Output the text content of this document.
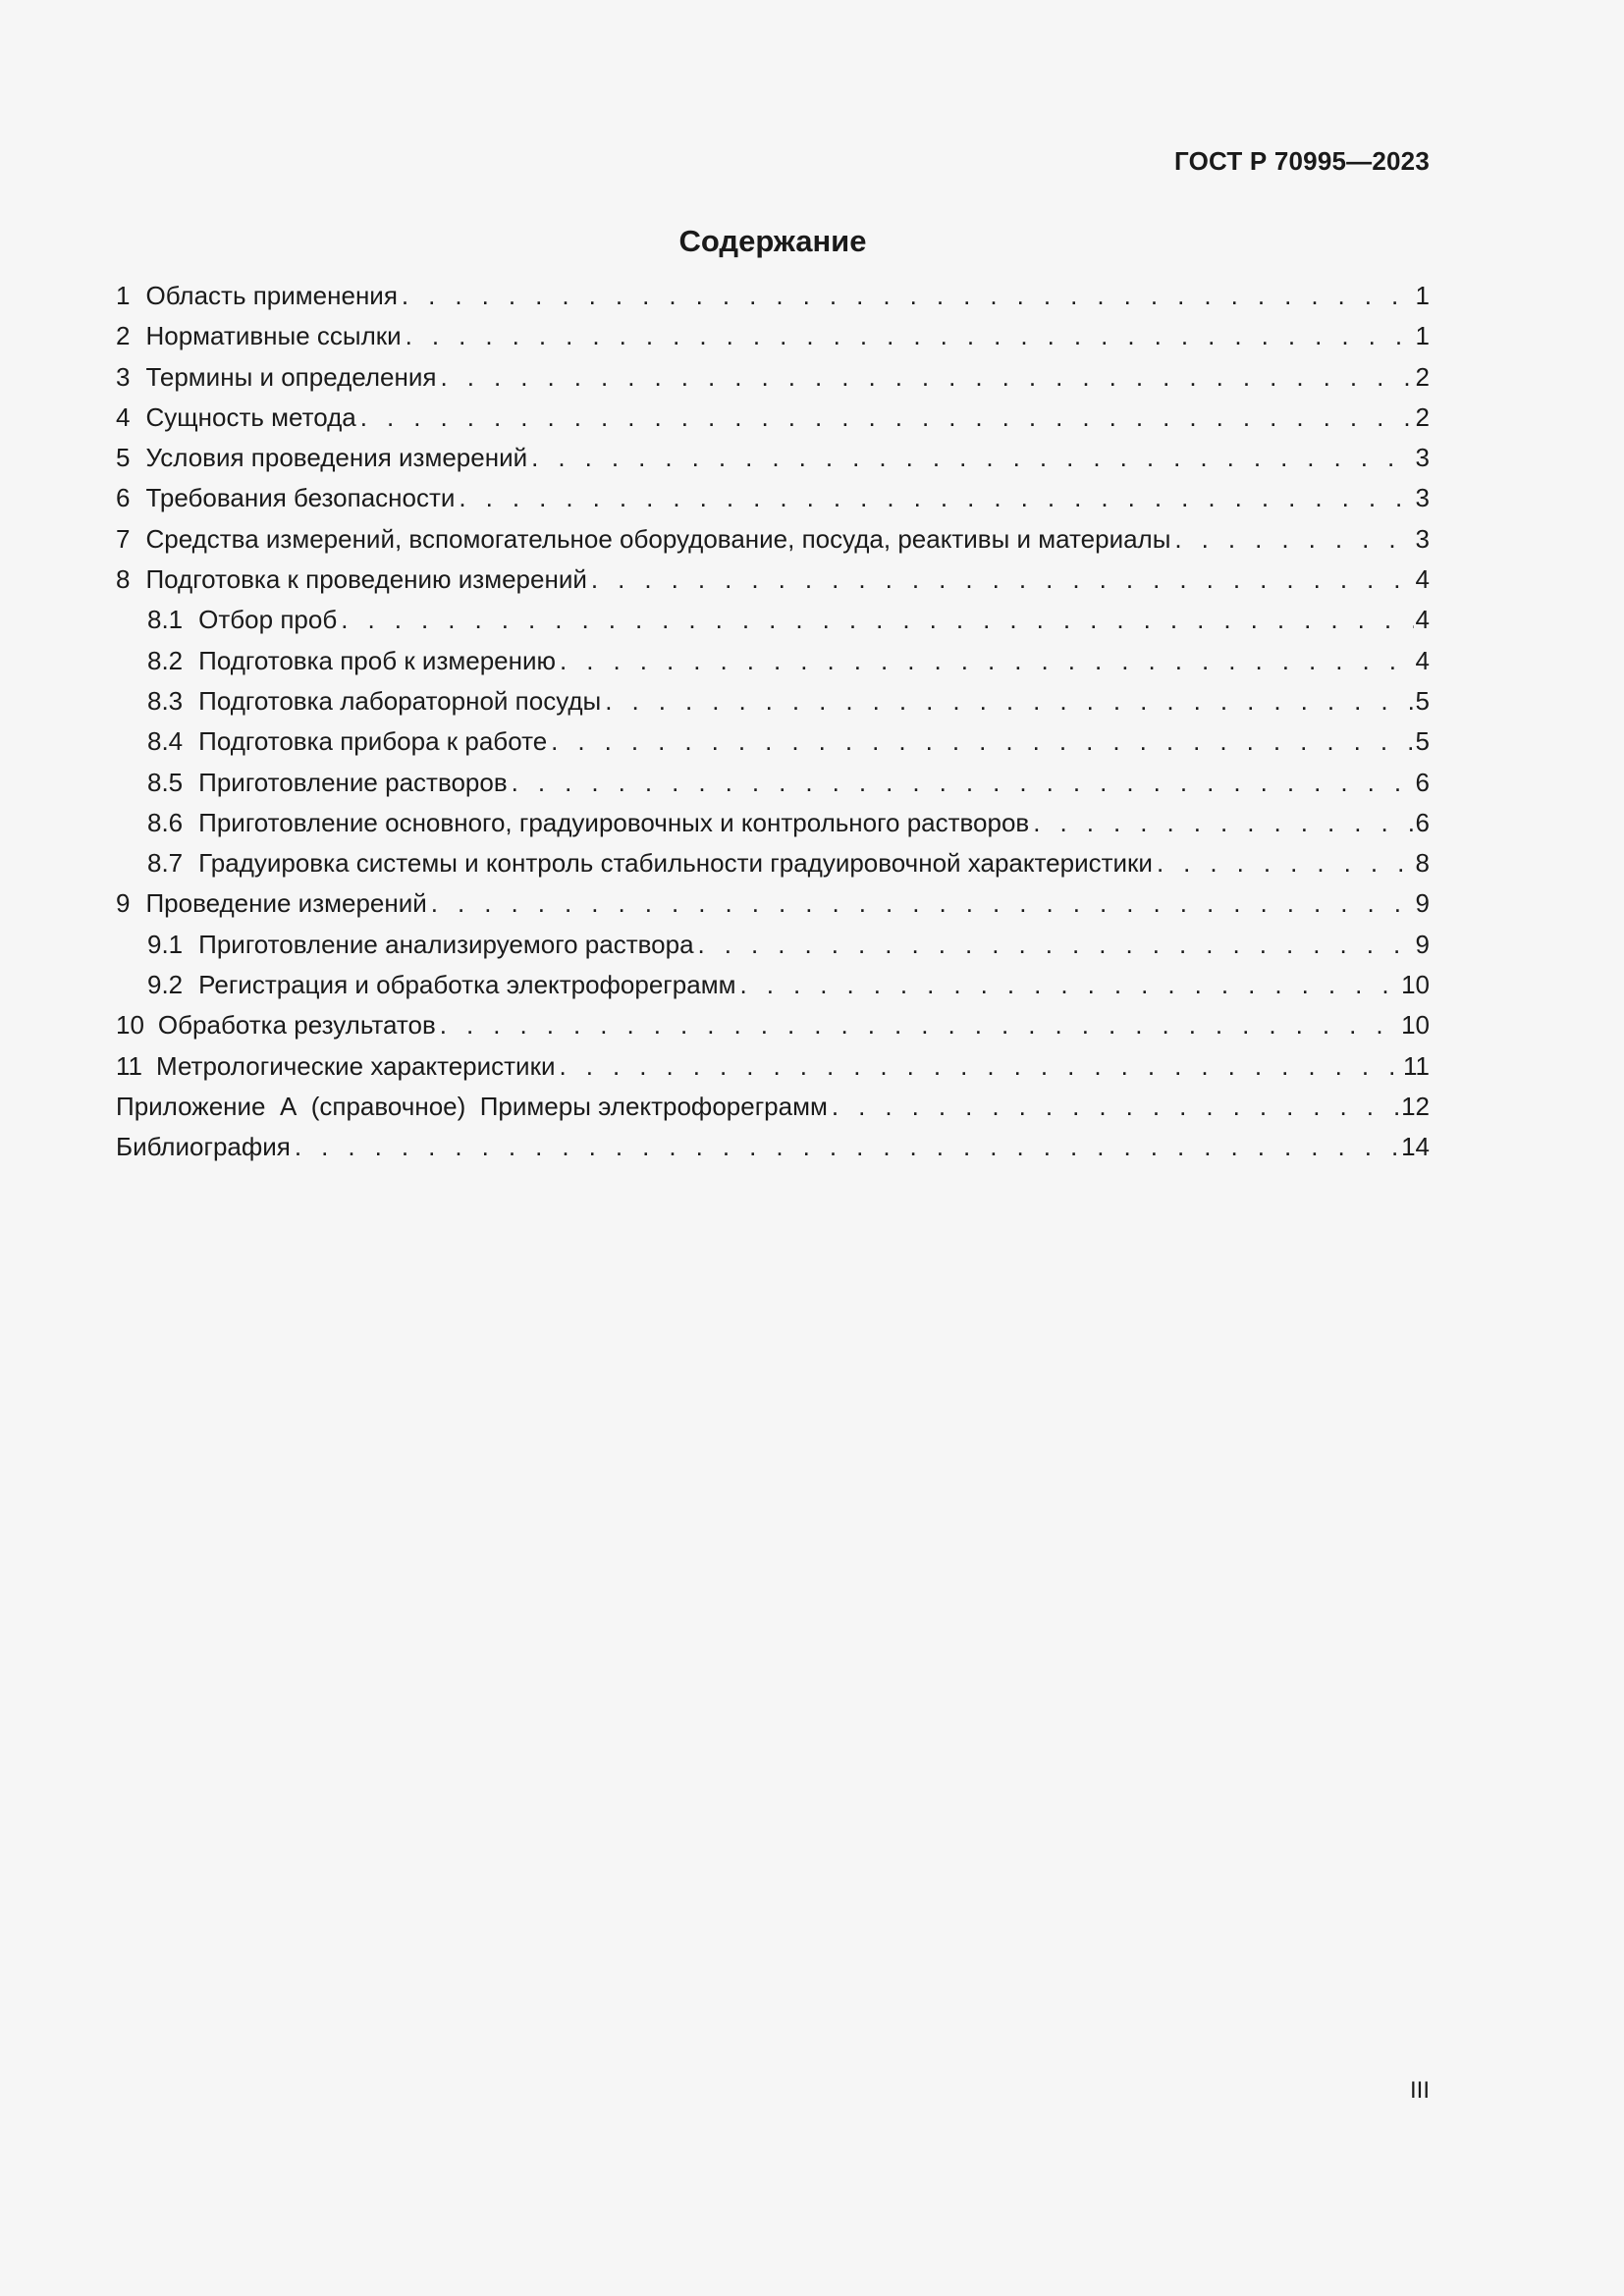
ГОСТ Р 70995—2023
Содержание
1 Область применения . . .	1
2 Нормативные ссылки . . .	1
3 Термины и определения . . .	2
4 Сущность метода . . .	2
5 Условия проведения измерений . . .	3
6 Требования безопасности . . .	3
7 Средства измерений, вспомогательное оборудование, посуда, реактивы и материалы . . .	3
8 Подготовка к проведению измерений . . .	4
8.1 Отбор проб . . .	4
8.2 Подготовка проб к измерению . . .	4
8.3 Подготовка лабораторной посуды . . .	5
8.4 Подготовка прибора к работе . . .	5
8.5 Приготовление растворов . . .	6
8.6 Приготовление основного, градуировочных и контрольного растворов . . .	6
8.7 Градуировка системы и контроль стабильности градуировочной характеристики . . .	8
9 Проведение измерений . . .	9
9.1 Приготовление анализируемого раствора . . .	9
9.2 Регистрация и обработка электрофореграмм . . .	10
10 Обработка результатов . . .	10
11 Метрологические характеристики . . .	11
Приложение  А  (справочное)  Примеры электрофореграмм . . .	12
Библиография . . .	14
III
